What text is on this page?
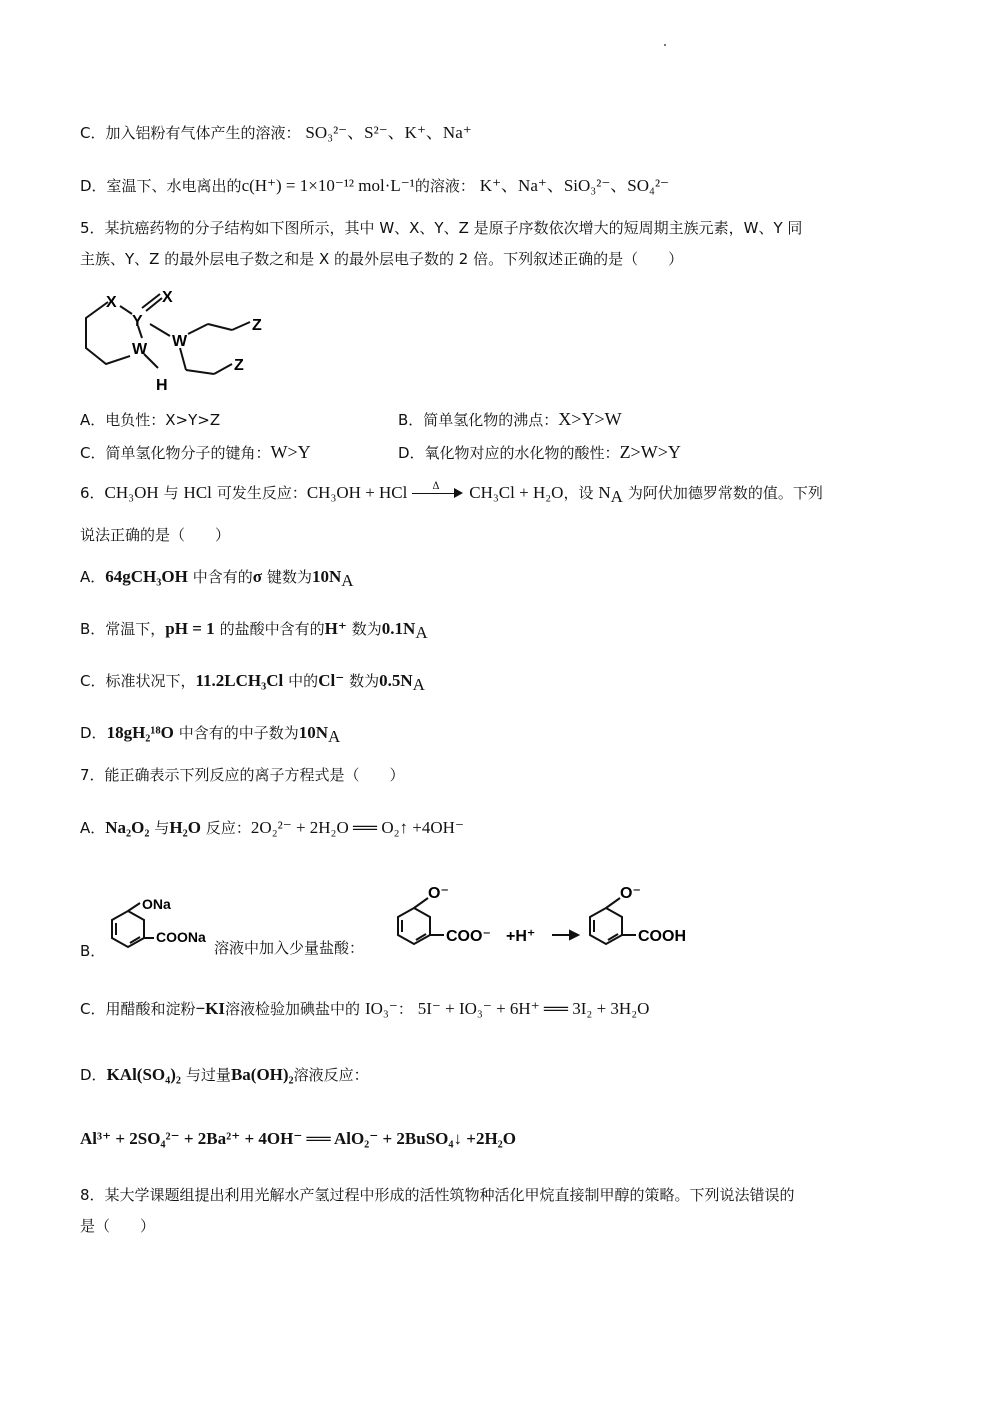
C．加入铝粉有气体产生的溶液： SO₃²⁻、S²⁻、K⁺、Na⁺
D．室温下、水电离出的c(H⁺) = 1×10⁻¹² mol·L⁻¹的溶液： K⁺、Na⁺、SiO₃²⁻、SO₄²⁻
5．某抗癌药物的分子结构如下图所示，其中 W、X、Y、Z 是原子序数依次增大的短周期主族元素，W、Y 同
主族、Y、Z 的最外层电子数之和是 X 的最外层电子数的 2 倍。下列叙述正确的是（　　）
X	X
Y
W
W
Z
Z
H
A．电负性：X>Y>Z	B．简单氢化物的沸点：X>Y>W
C．简单氢化物分子的键角：W>Y	D．氧化物对应的水化物的酸性：Z>W>Y
6．CH₃OH 与 HCl 可发生反应：CH₃OH + HCl Δ CH₃Cl + H₂O，设 $N_A$ 为阿伏加德罗常数的值。下列
说法正确的是（　　）
A．64gCH₃OH 中含有的σ 键数为$10N_A$
B．常温下，pH = 1 的盐酸中含有的H⁺ 数为$0.1N_A$
C．标准状况下，11.2LCH₃Cl 中的Cl⁻ 数为$0.5N_A$
D．18gH₂¹⁸O 中含有的中子数为$10N_A$
7．能正确表示下列反应的离子方程式是（　　）
A．Na₂O₂ 与H₂O 反应：2O₂²⁻ + 2H₂O ══ O₂↑ +4OH⁻
B．
ONa
COONa
溶液中加入少量盐酸：
O⁻
COO⁻ +H⁺
O⁻
COOH
C．用醋酸和淀粉−KI溶液检验加碘盐中的 IO₃⁻： 5I⁻ + IO₃⁻ + 6H⁺ ══ 3I₂ + 3H₂O
D．KAl(SO₄)₂ 与过量Ba(OH)₂溶液反应：
Al³⁺ + 2SO₄²⁻ + 2Ba²⁺ + 4OH⁻ ══ AlO₂⁻ + 2BuSO₄↓ +2H₂O
8．某大学课题组提出利用光解水产氢过程中形成的活性筑物种活化甲烷直接制甲醇的策略。下列说法错误的
是（　　）
